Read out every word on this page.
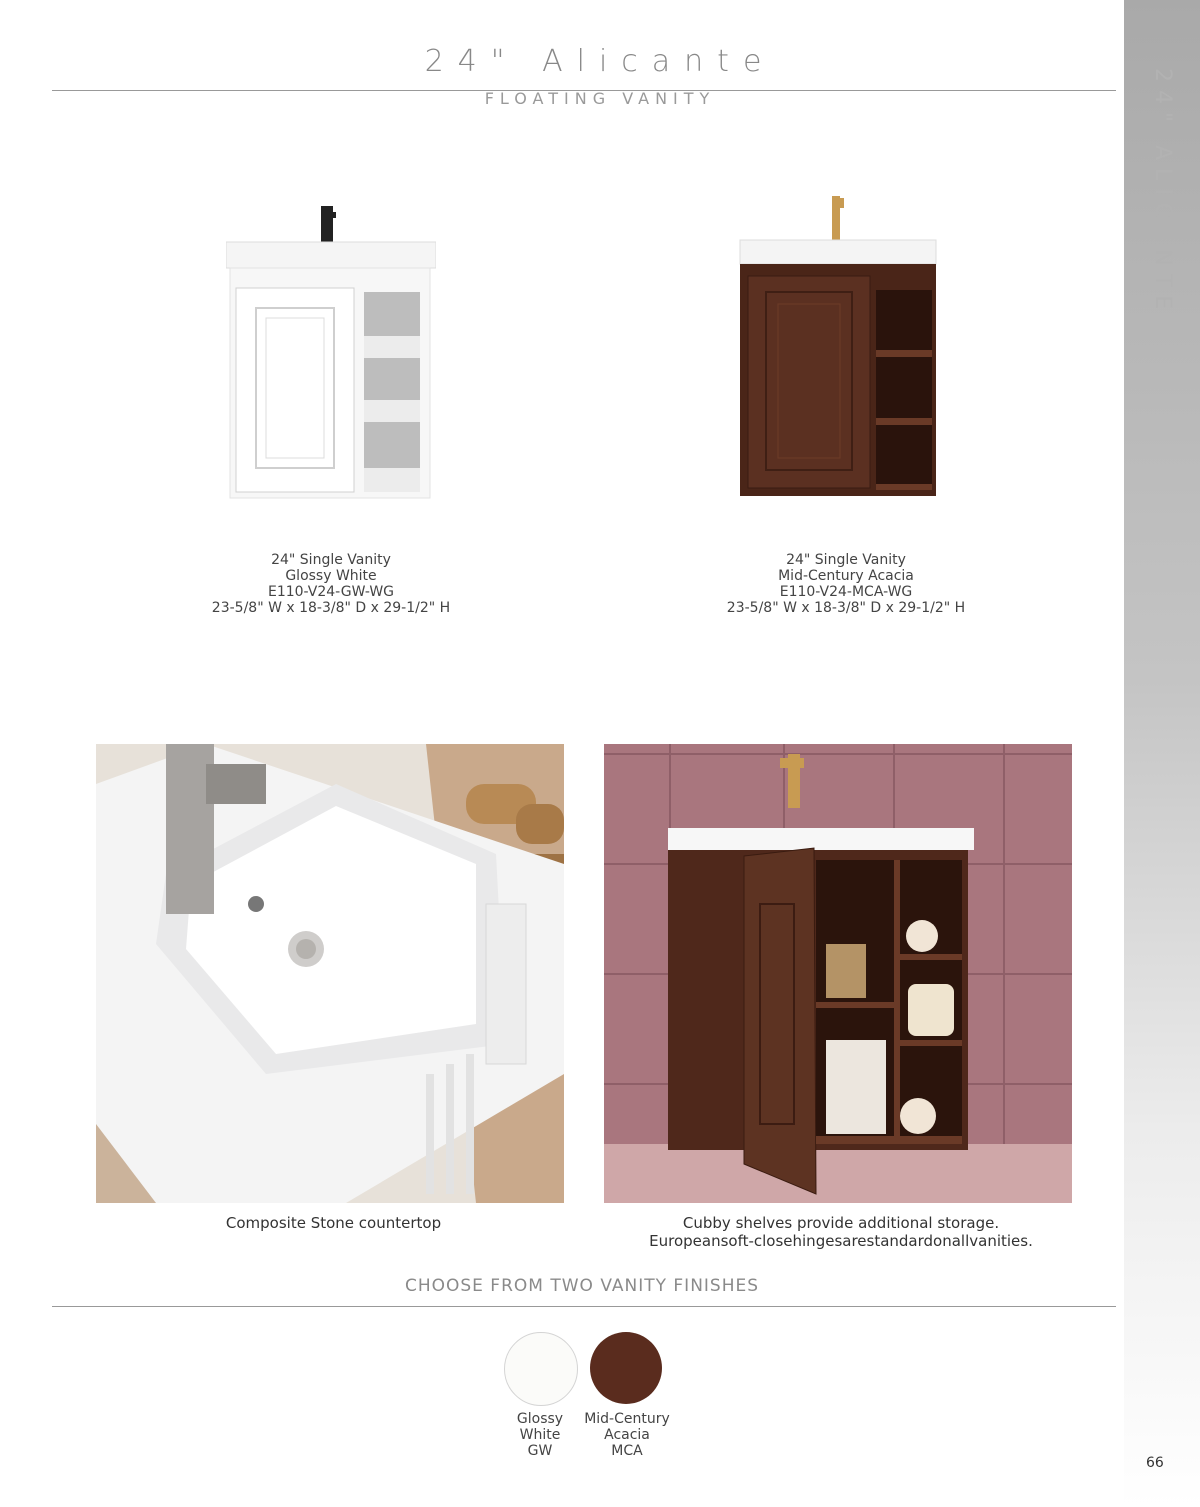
24" ALICANTE
24" Alicante
FLOATING VANITY
24" Single Vanity
Glossy White
E110-V24-GW-WG
23-5/8" W x 18-3/8" D x 29-1/2" H
24" Single Vanity
Mid-Century Acacia
E110-V24-MCA-WG
23-5/8" W x 18-3/8" D x 29-1/2" H
Composite Stone countertop	Cubby shelves provide additional storage.
Europeansoft-closehingesarestandardonallvanities.
CHOOSE FROM TWO VANITY FINISHES
Glossy
White
GW
Mid-Century
Acacia
MCA
66
